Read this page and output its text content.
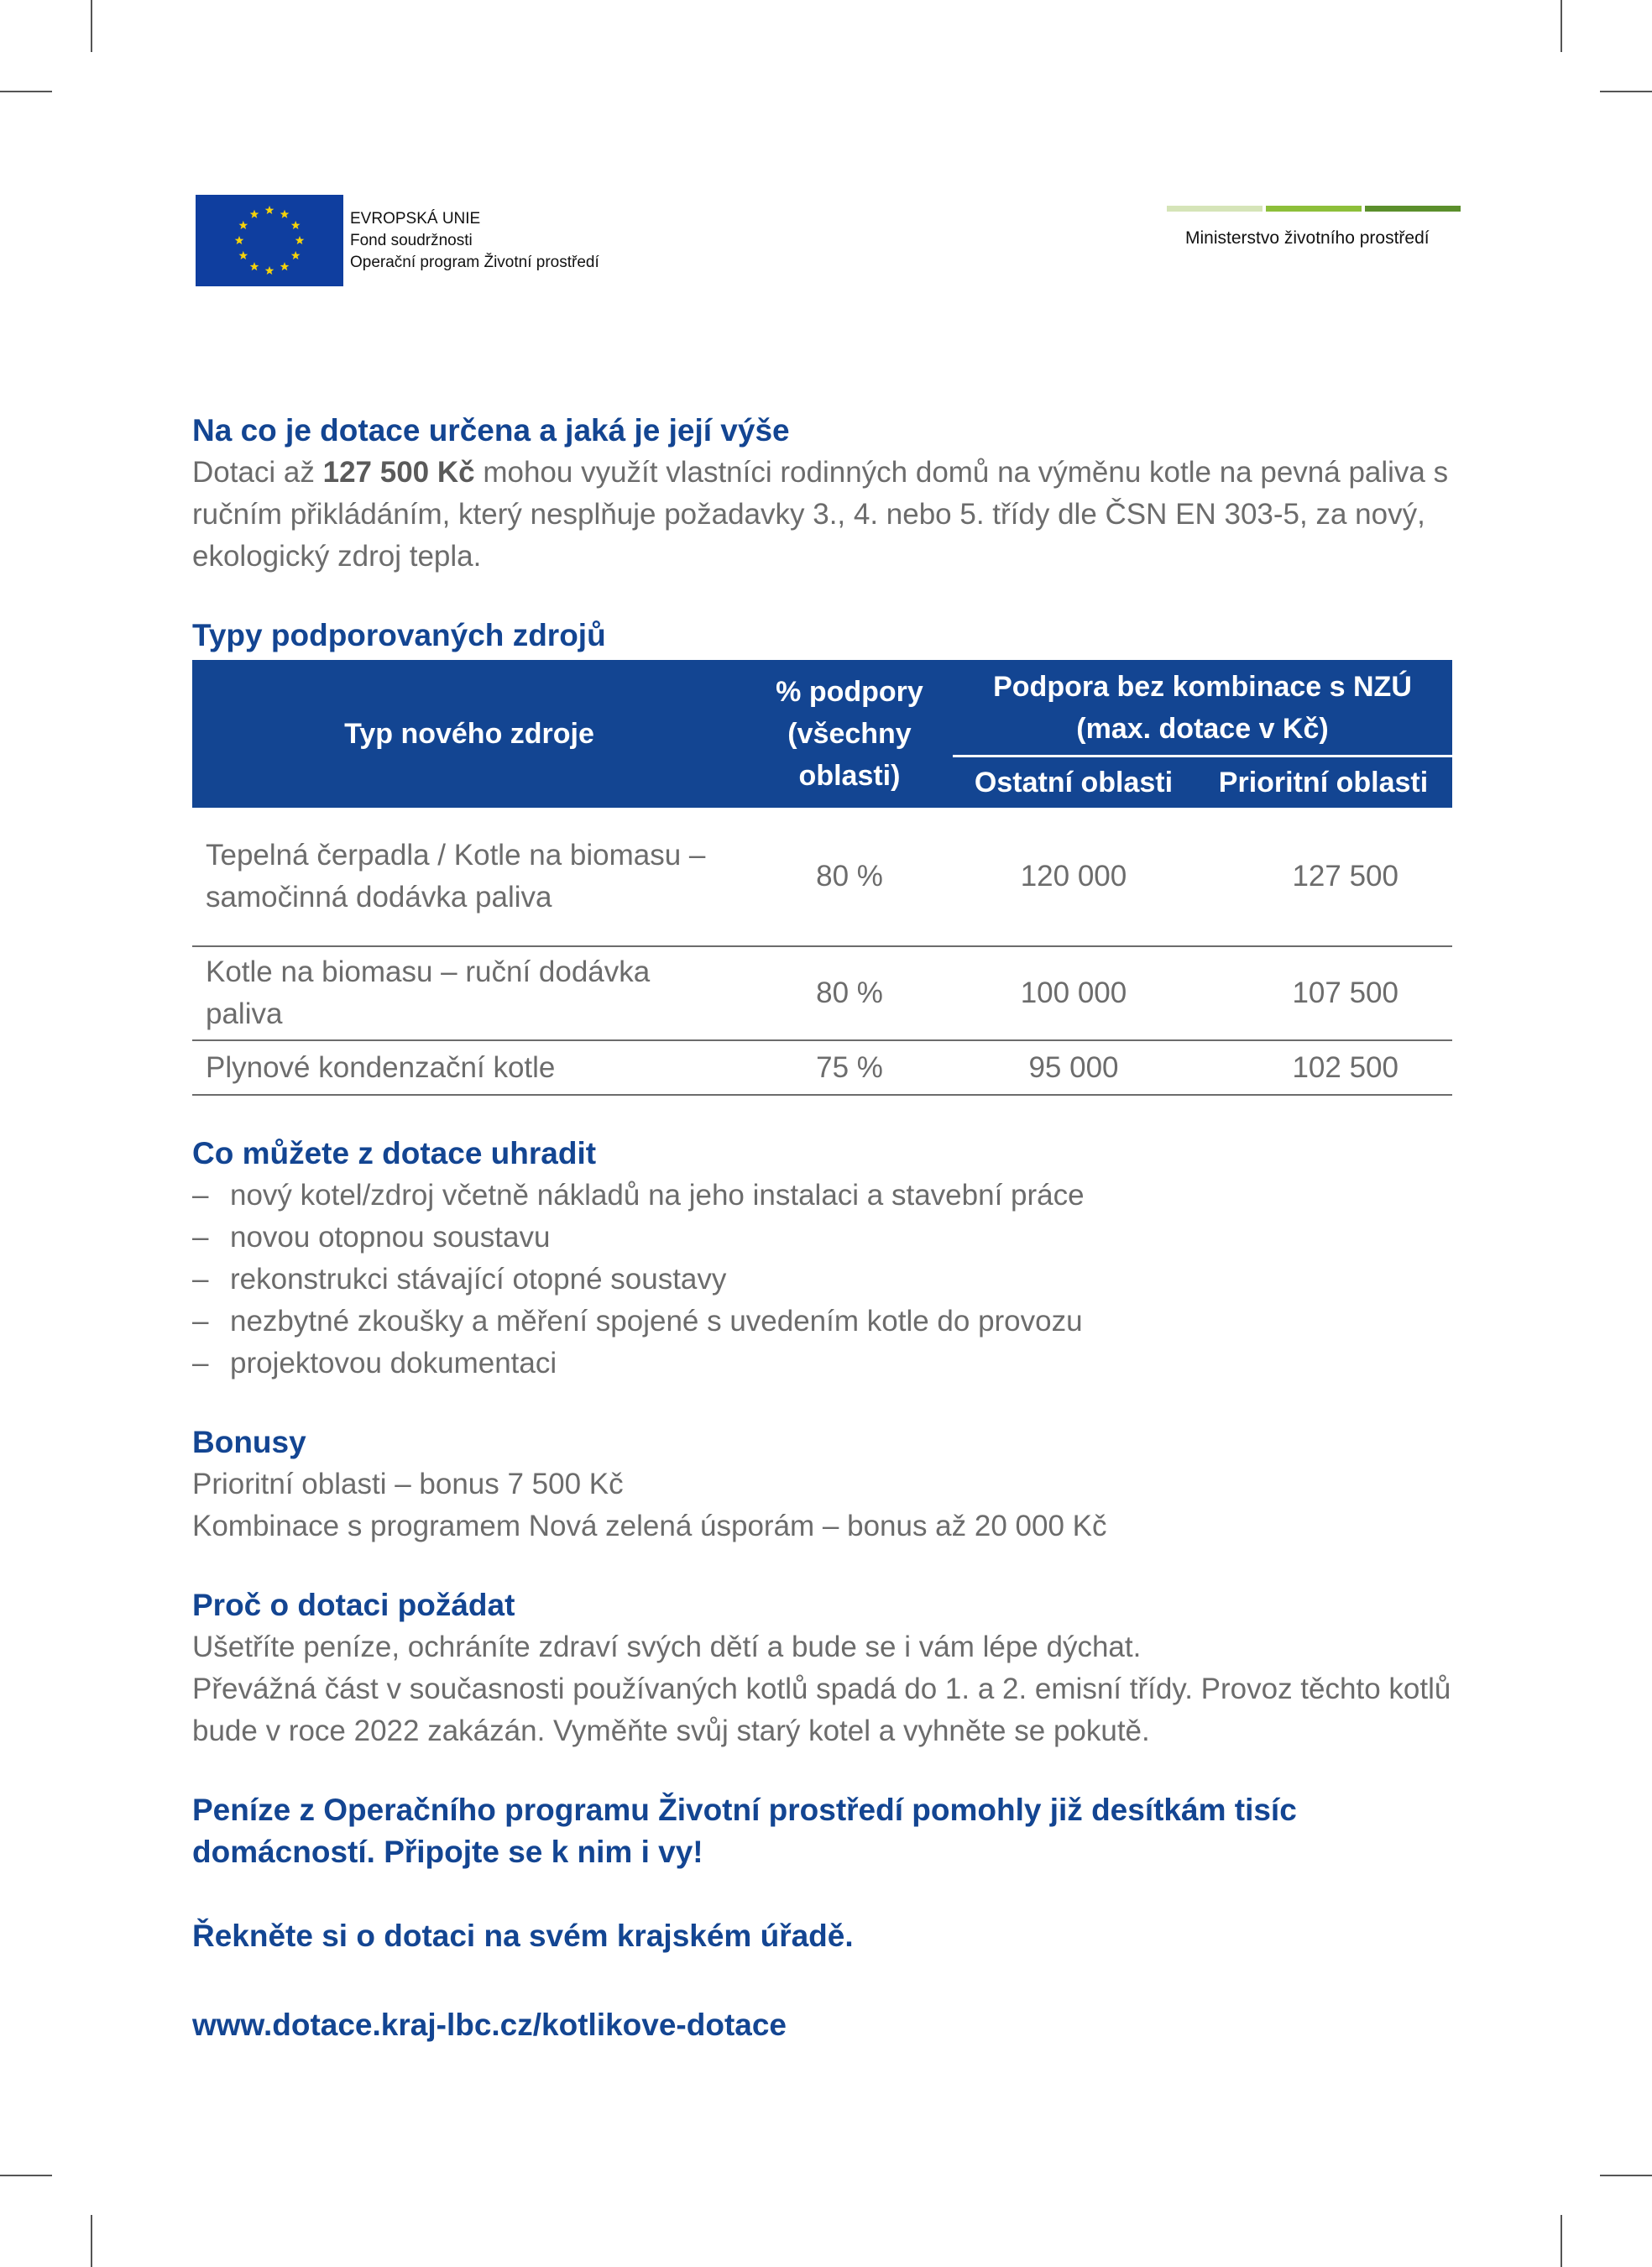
EVROPSKÁ UNIE
Fond soudržnosti
Operační program Životní prostředí
Ministerstvo životního prostředí
Na co je dotace určena a jaká je její výše

Dotaci až 127 500 Kč mohou využít vlastníci rodinných domů na výměnu kotle na pevná paliva s ručním přikládáním, který nesplňuje požadavky 3., 4. nebo 5. třídy dle ČSN EN 303-5, za nový, ekologický zdroj tepla.

Typy podporovaných zdrojů
Typ nového zdroje	% podpory (všechny oblasti)	Podpora bez kombinace s NZÚ (max. dotace v Kč)	

		Ostatní oblasti	Prioritní oblasti
Tepelná čerpadla / Kotle na biomasu – samočinná dodávka paliva	80 %	120 000	127 500
Kotle na biomasu – ruční dodávka paliva	80 %	100 000	107 500
Plynové kondenzační kotle	75 %	95 000	102 500
Co můžete z dotace uhradit
– nový kotel/zdroj včetně nákladů na jeho instalaci a stavební práce
– novou otopnou soustavu
– rekonstrukci stávající otopné soustavy
– nezbytné zkoušky a měření spojené s uvedením kotle do provozu
– projektovou dokumentaci
Bonusy

Prioritní oblasti – bonus 7 500 Kč

Kombinace s programem Nová zelená úsporám – bonus až 20 000 Kč

Proč o dotaci požádat

Ušetříte peníze, ochráníte zdraví svých dětí a bude se i vám lépe dýchat.

Převážná část v současnosti používaných kotlů spadá do 1. a 2. emisní třídy. Provoz těchto kotlů bude v roce 2022 zakázán. Vyměňte svůj starý kotel a vyhněte se pokutě.

Peníze z Operačního programu Životní prostředí pomohly již desítkám tisíc domácností. Připojte se k nim i vy!
Řekněte si o dotaci na svém krajském úřadě.
www.dotace.kraj-lbc.cz/kotlikove-dotace
